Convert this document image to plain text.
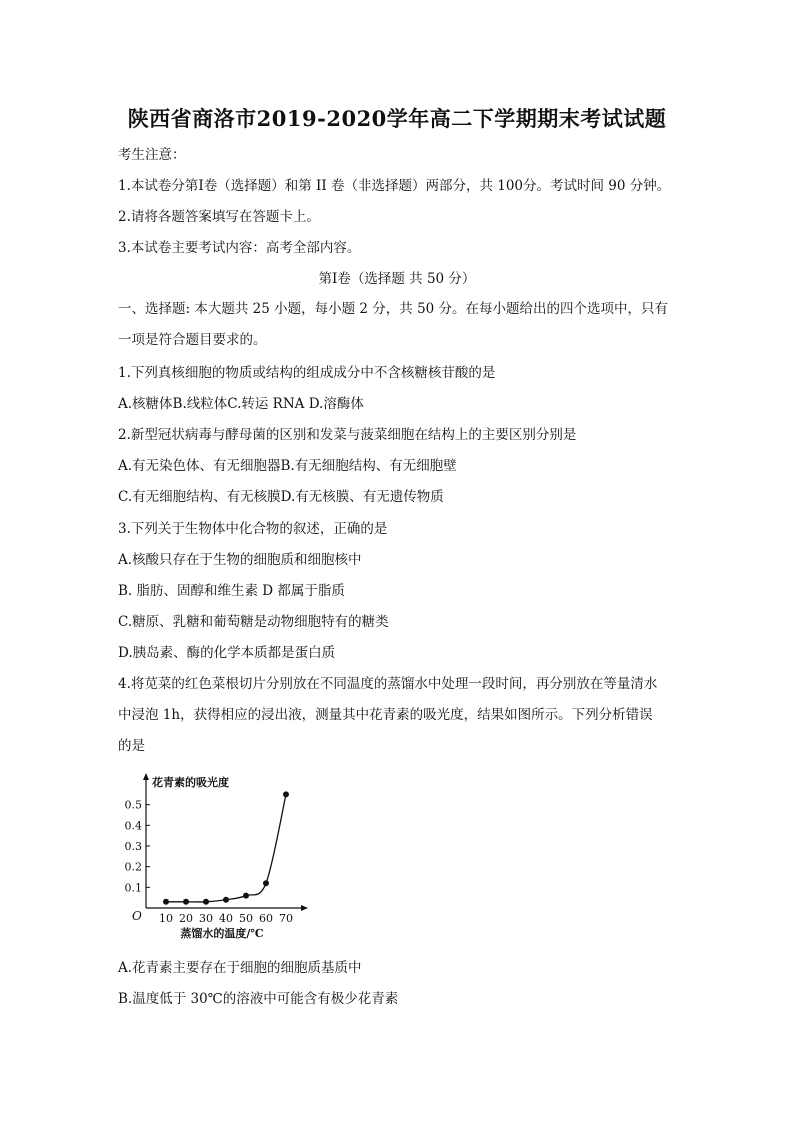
陕西省商洛市2019-2020学年高二下学期期末考试试题
考生注意：
1.本试卷分第Ⅰ卷（选择题）和第 II 卷（非选择题）两部分，共 100分。考试时间 90 分钟。
2.请将各题答案填写在答题卡上。
3.本试卷主要考试内容：高考全部内容。
第Ⅰ卷（选择题 共 50 分）
一、选择题: 本大题共 25 小题，每小题 2 分，共 50 分。在每小题给出的四个选项中，只有
一项是符合题目要求的。
1.下列真核细胞的物质或结构的组成成分中不含核糖核苷酸的是
A.核糖体B.线粒体C.转运 RNA D.溶酶体
2.新型冠状病毒与酵母菌的区别和发菜与菠菜细胞在结构上的主要区别分别是
A.有无染色体、有无细胞器B.有无细胞结构、有无细胞壁
C.有无细胞结构、有无核膜D.有无核膜、有无遗传物质
3.下列关于生物体中化合物的叙述，正确的是
A.核酸只存在于生物的细胞质和细胞核中
B. 脂肪、固醇和维生素 D 都属于脂质
C.糖原、乳糖和葡萄糖是动物细胞特有的糖类
D.胰岛素、酶的化学本质都是蛋白质
4.将苋菜的红色菜根切片分别放在不同温度的蒸馏水中处理一段时间，再分别放在等量清水
中浸泡 1h，获得相应的浸出液，测量其中花青素的吸光度，结果如图所示。下列分析错误
的是
0.1
0.2
0.3
0.4
0.5
10 20 30 40 50 60 70
O
花青素的吸光度
蒸馏水的温度/℃
A.花青素主要存在于细胞的细胞质基质中
B.温度低于 30℃的溶液中可能含有极少花青素
